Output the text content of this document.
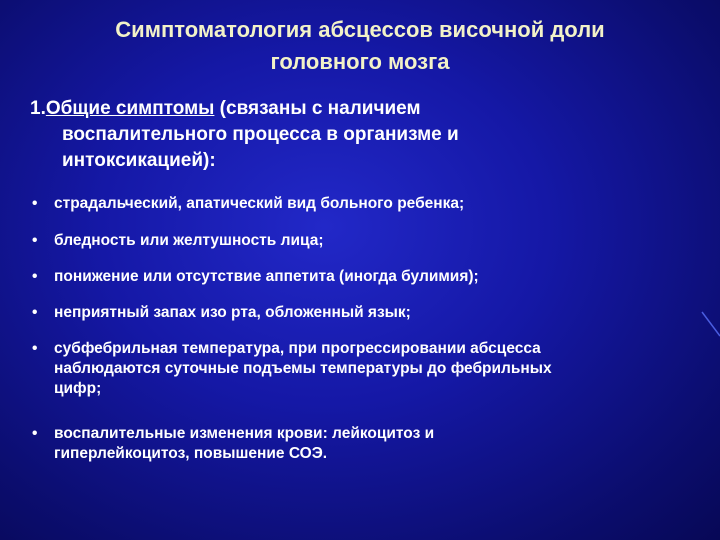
Симптоматология абсцессов височной доли
головного мозга
1.Общие симптомы (связаны с наличием
воспалительного процесса в организме и
интоксикацией):
• страдальческий, апатический вид больного ребенка;
• бледность или желтушность лица;
• понижение или отсутствие аппетита (иногда булимия);
• неприятный запах изо рта, обложенный язык;
• субфебрильная температура, при прогрессировании абсцесса
наблюдаются суточные подъемы температуры до фебрильных
цифр;
• воспалительные изменения крови: лейкоцитоз и
гиперлейкоцитоз, повышение СОЭ.
